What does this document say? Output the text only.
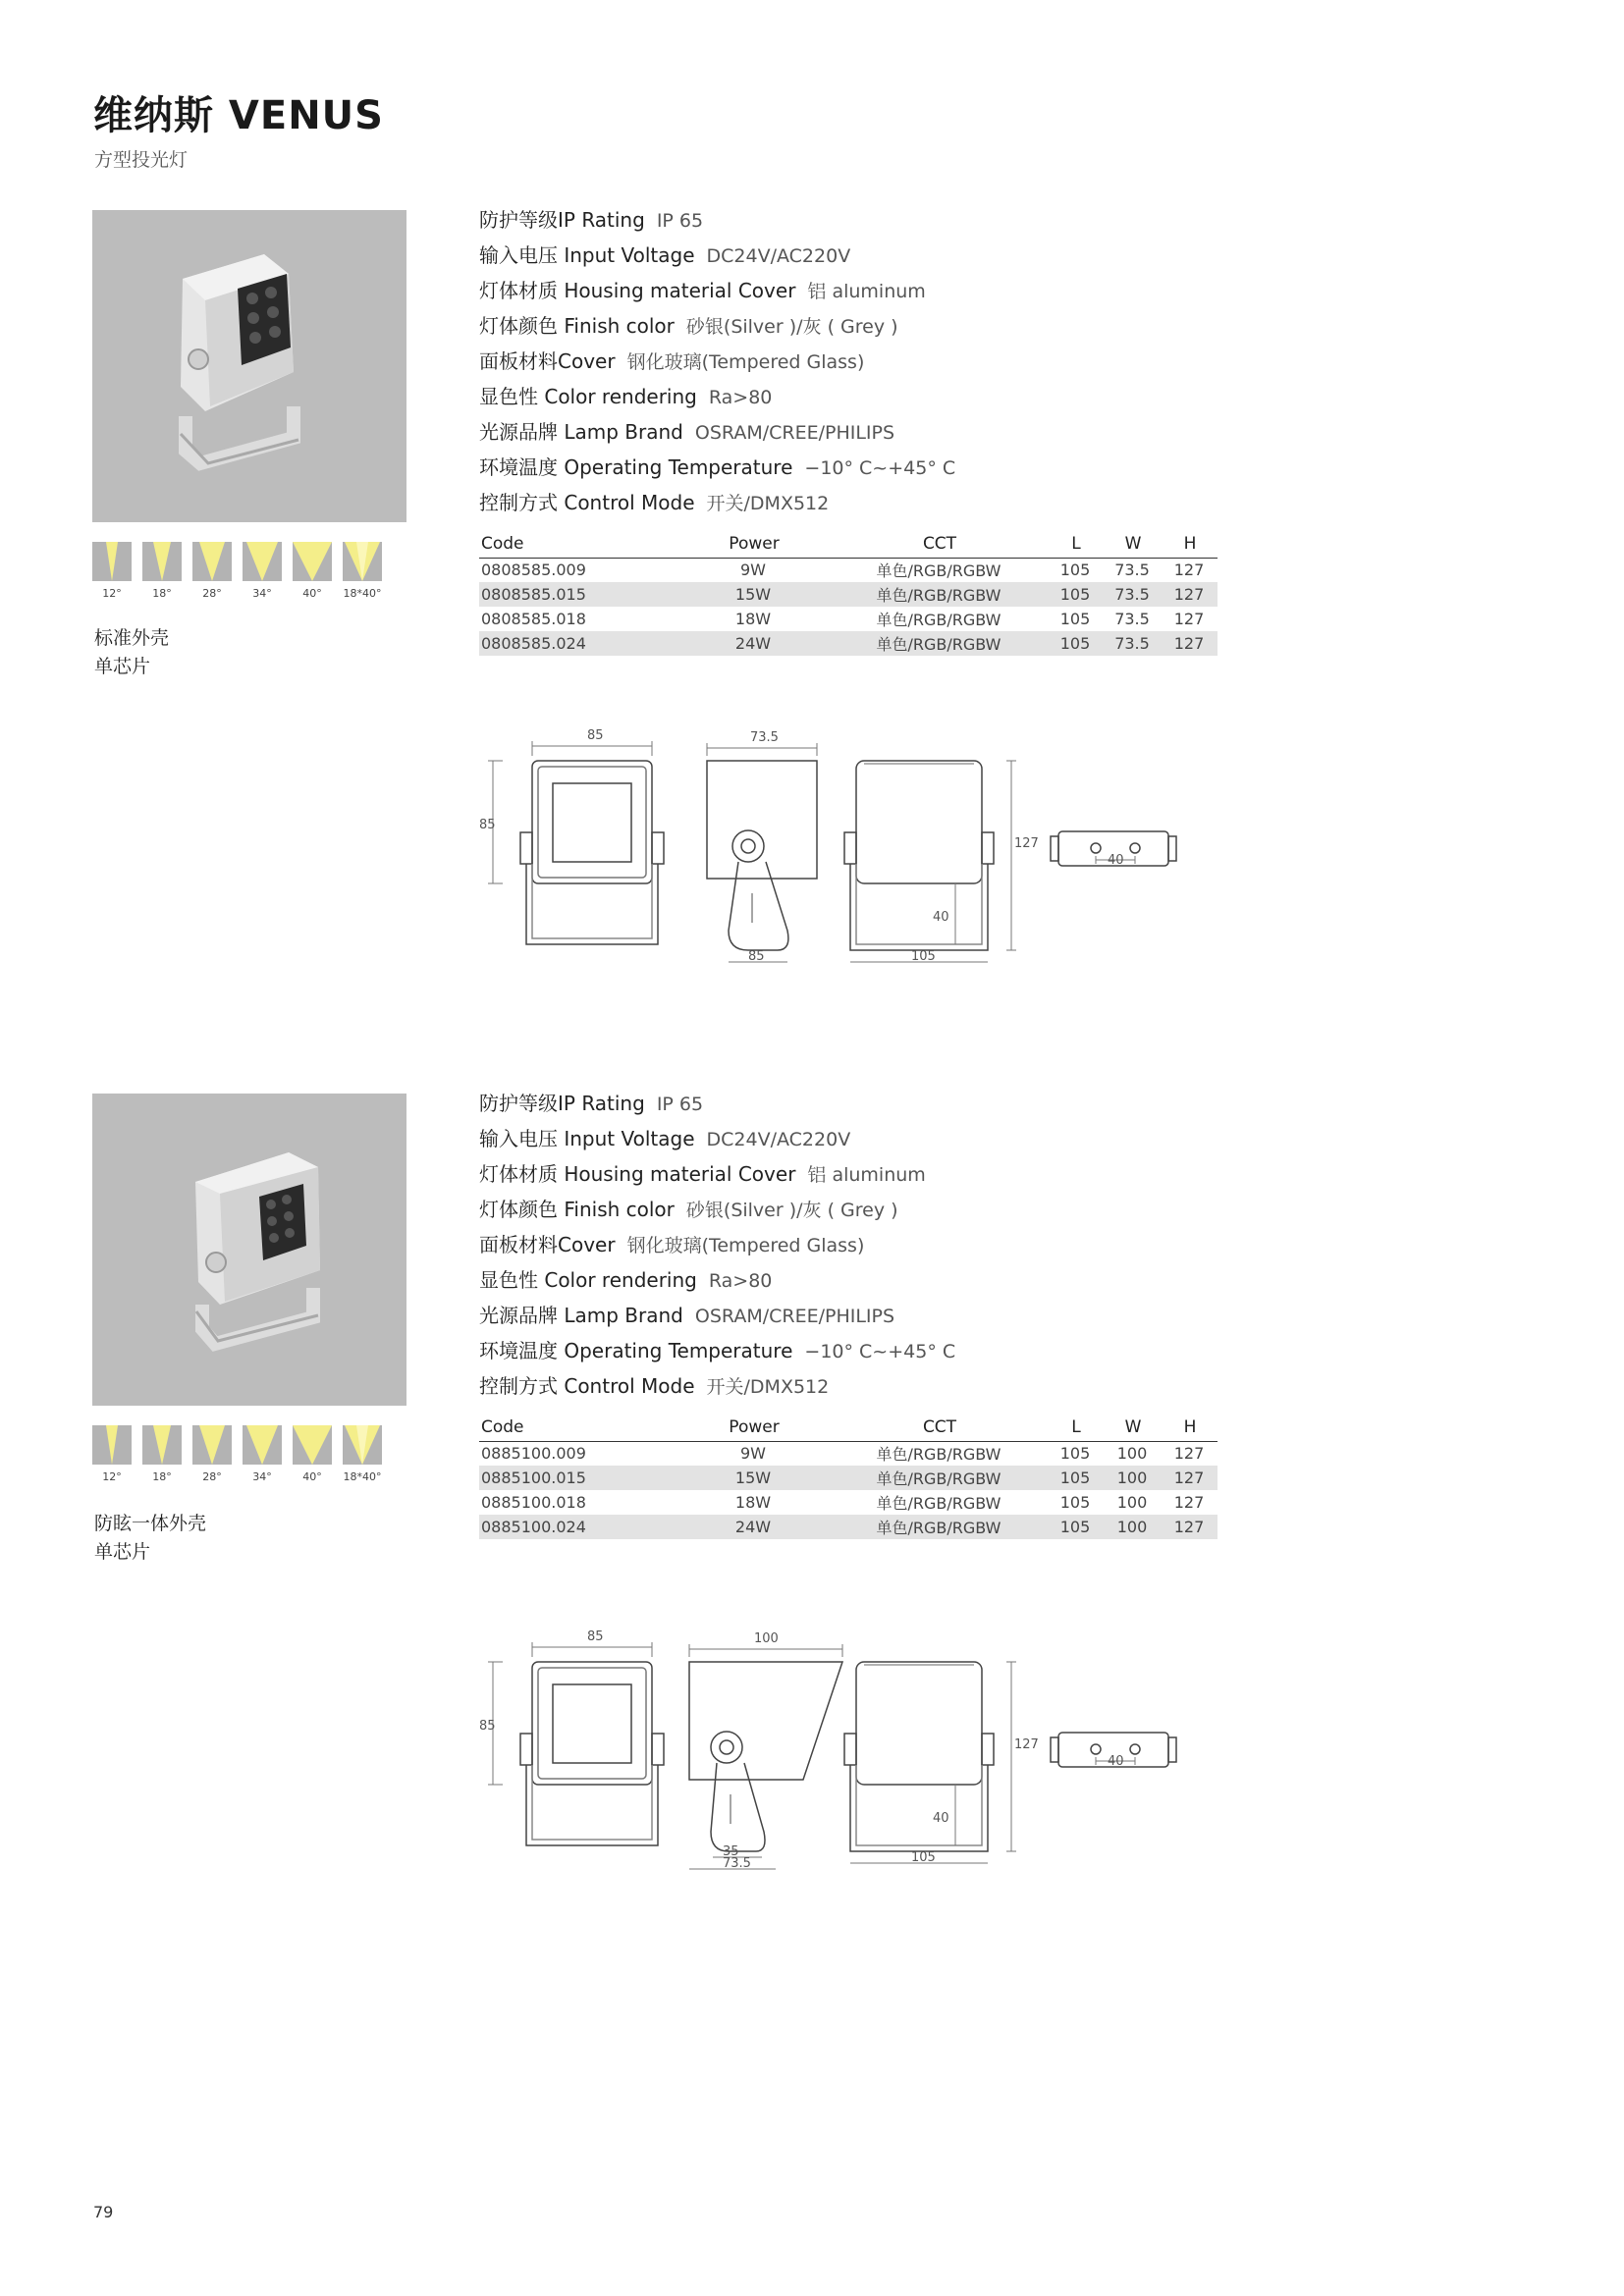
维纳斯 VENUS
方型投光灯
12°	18°	28°	34°	40° 18*40°
标准外壳
单芯片
防护等级IP Rating IP 65
输入电压 Input Voltage DC24V/AC220V
灯体材质 Housing material Cover 铝 aluminum
灯体颜色 Finish color 砂银(Silver )/灰 ( Grey )
面板材料Cover 钢化玻璃(Tempered Glass)
显色性 Color rendering Ra>80
光源品牌 Lamp Brand OSRAM/CREE/PHILIPS
环境温度 Operating Temperature −10° C~+45° C
控制方式 Control Mode 开关/DMX512
Code	Power	CCT	L	W	H
0808585.009	9W	单色/RGB/RGBW	105	73.5	127
0808585.015	15W	单色/RGB/RGBW	105	73.5	127
0808585.018	18W	单色/RGB/RGBW	105	73.5	127
0808585.024	24W	单色/RGB/RGBW	105	73.5	127
85
85
73.5
85
127
40
105
40
12°	18°	28°	34°	40° 18*40°
防眩一体外壳
单芯片
防护等级IP Rating IP 65
输入电压 Input Voltage DC24V/AC220V
灯体材质 Housing material Cover 铝 aluminum
灯体颜色 Finish color 砂银(Silver )/灰 ( Grey )
面板材料Cover 钢化玻璃(Tempered Glass)
显色性 Color rendering Ra>80
光源品牌 Lamp Brand OSRAM/CREE/PHILIPS
环境温度 Operating Temperature −10° C~+45° C
控制方式 Control Mode 开关/DMX512
Code	Power	CCT	L	W	H
0885100.009	9W	单色/RGB/RGBW	105	100	127
0885100.015	15W	单色/RGB/RGBW	105	100	127
0885100.018	18W	单色/RGB/RGBW	105	100	127
0885100.024	24W	单色/RGB/RGBW	105	100	127
85
85
100
35
73.5
127
40
105
40
79
